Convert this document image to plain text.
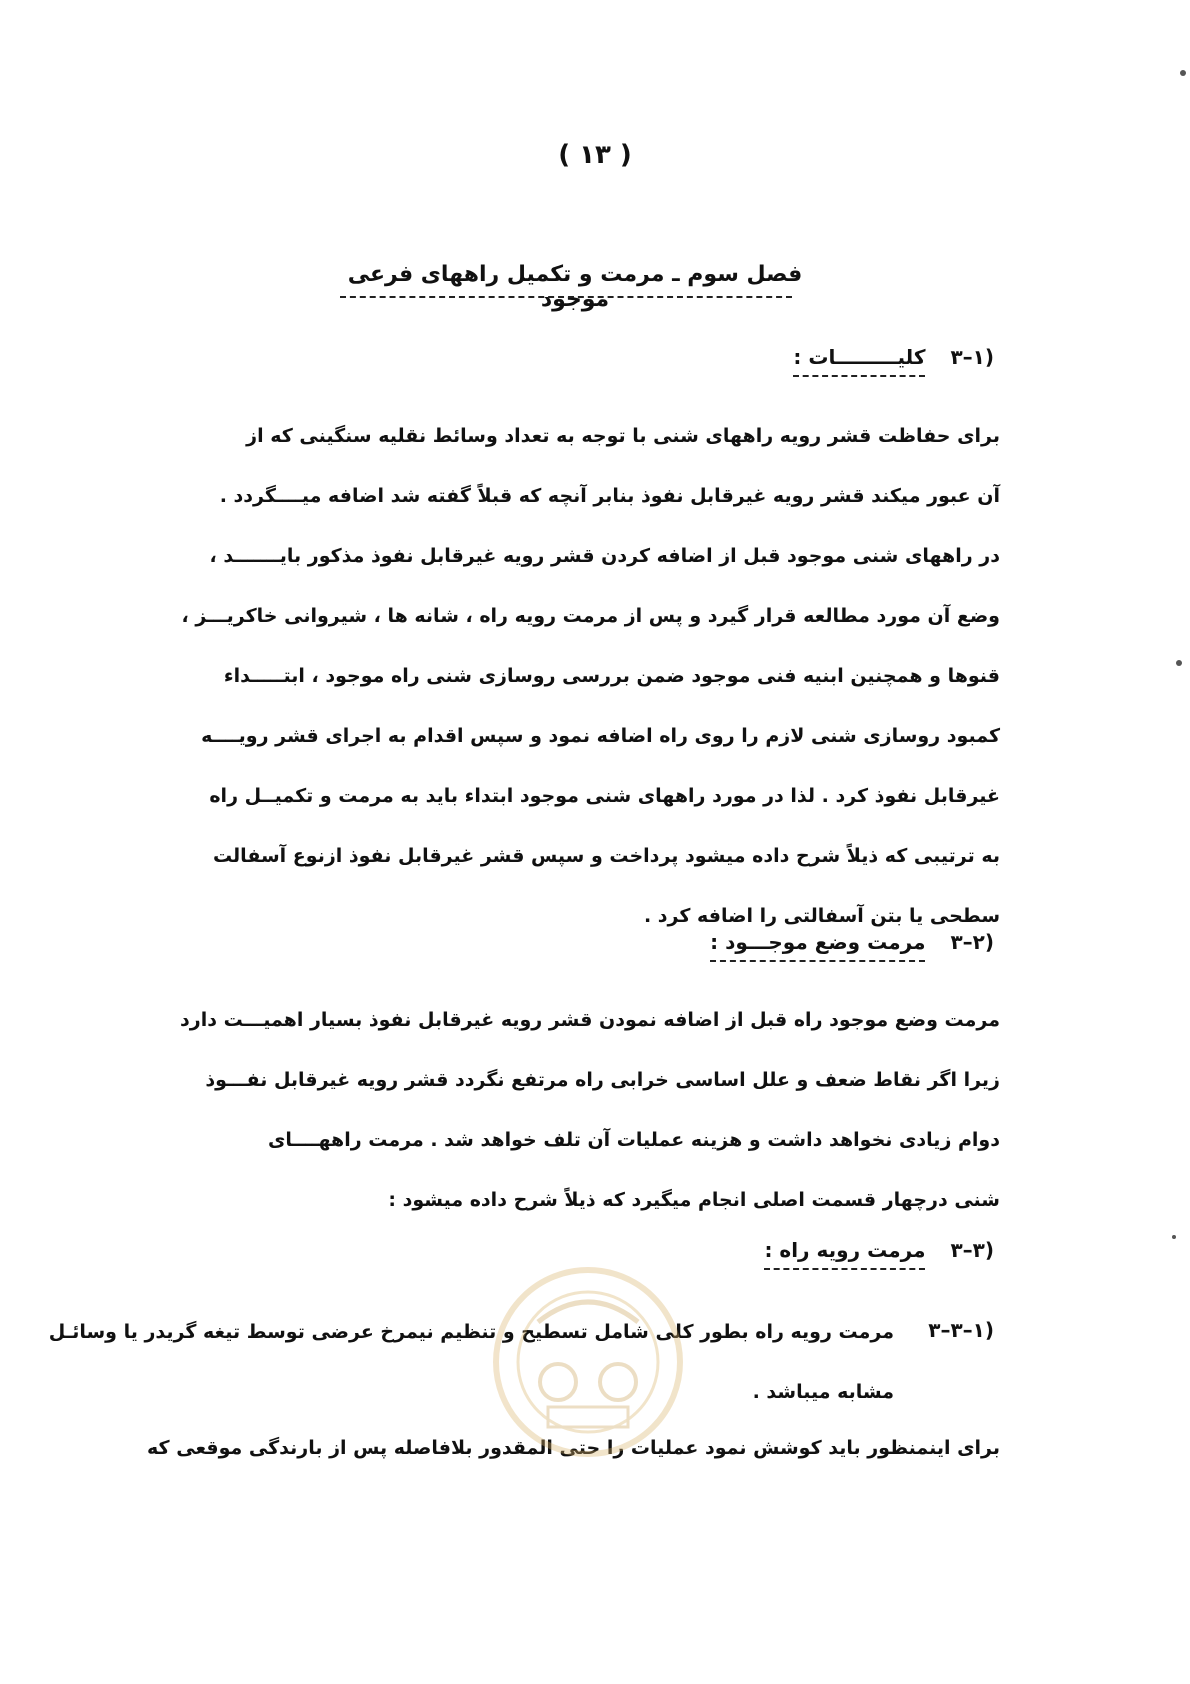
( ۱۳ )
فصل سوم ـ مرمت و تکمیل راههای فرعی موجود
۳–۱) کلیـــــــــات :
برای حفاظت قشر رویه راههای شنی با توجه به تعداد وسائط نقلیه سنگینی که از
آن عبور میکند قشر رویه غیرقابل نفوذ بنابر آنچه که قبلاً گفته شد اضافه میــــگردد .
در راههای شنی موجود قبل از اضافه کردن قشر رویه غیرقابل نفوذ مذکور بایـــــــد ،
وضع آن مورد مطالعه قرار گیرد و پس از مرمت رویه راه ، شانه ها ، شیروانی خاکریـــز ،
قنوها و همچنین ابنیه فنی موجود ضمن بررسی روسازی شنی راه موجود ، ابتـــــداء
کمبود روسازی شنی لازم را روی راه اضافه نمود و سپس اقدام به اجرای قشر رویــــه
غیرقابل نفوذ کرد . لذا در مورد راههای شنی موجود ابتداء باید به مرمت و تکمیــل راه
به ترتیبی که ذیلاً شرح داده میشود پرداخت و سپس قشر غیرقابل نفوذ ازنوع آسفالت
سطحی یا بتن آسفالتی را اضافه کرد .
۳–۲) مرمت وضع موجـــود :
مرمت وضع موجود راه قبل از اضافه نمودن قشر رویه غیرقابل نفوذ بسیار اهمیـــت دارد
زیرا اگر نقاط ضعف و علل اساسی خرابی راه مرتفع نگردد قشر رویه غیرقابل نفـــوذ
دوام زیادی نخواهد داشت و هزینه عملیات آن تلف خواهد شد . مرمت راههــــای
شنی درچهار قسمت اصلی انجام میگیرد که ذیلاً شرح داده میشود :
۳–۳) مرمت رویه راه :
۳–۳–۱)
مرمت رویه راه بطور کلی شامل تسطیح و تنظیم نیمرخ عرضی توسط تیغه گریدر یا وسائـل
مشابه میباشد .
برای اینمنظور باید کوشش نمود عملیات را حتی المقدور بلافاصله پس از بارندگی موقعی که
